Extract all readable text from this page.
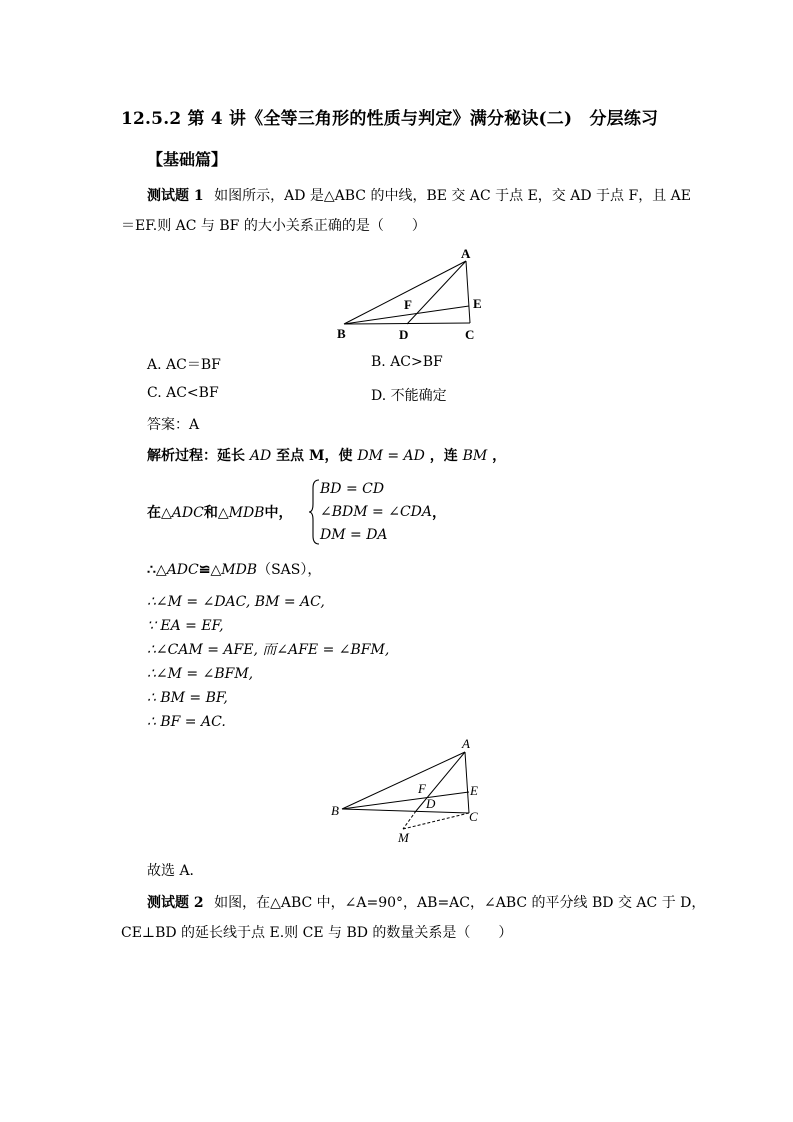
12.5.2 第 4 讲《全等三角形的性质与判定》满分秘诀(二)　分层练习
【基础篇】
测试题 1 如图所示，AD 是△ABC 的中线，BE 交 AC 于点 E，交 AD 于点 F，且 AE
＝EF.则 AC 与 BF 的大小关系正确的是（　　）
A
B	C
D
E
F
A. AC＝BF	B. AC>BF
C. AC<BF	D. 不能确定
答案：A
解析过程：延长 AD 至点 M，使 DM = AD ，连 BM ，
在△ADC和△MDB中，
BD = CD
∠BDM = ∠CDA
DM = DA
，
∴△ADC≌△MDB（SAS），
∴∠M = ∠DAC, BM = AC,
∵ EA = EF,
∴∠CAM = AFE, 而∠AFE = ∠BFM,
∴∠M = ∠BFM,
∴ BM = BF,
∴ BF = AC.
A
B	C
D
E
F
M
故选 A．
测试题 2 如图，在△ABC 中，∠A=90°，AB=AC，∠ABC 的平分线 BD 交 AC 于 D，
CE⊥BD 的延长线于点 E.则 CE 与 BD 的数量关系是（　　）
